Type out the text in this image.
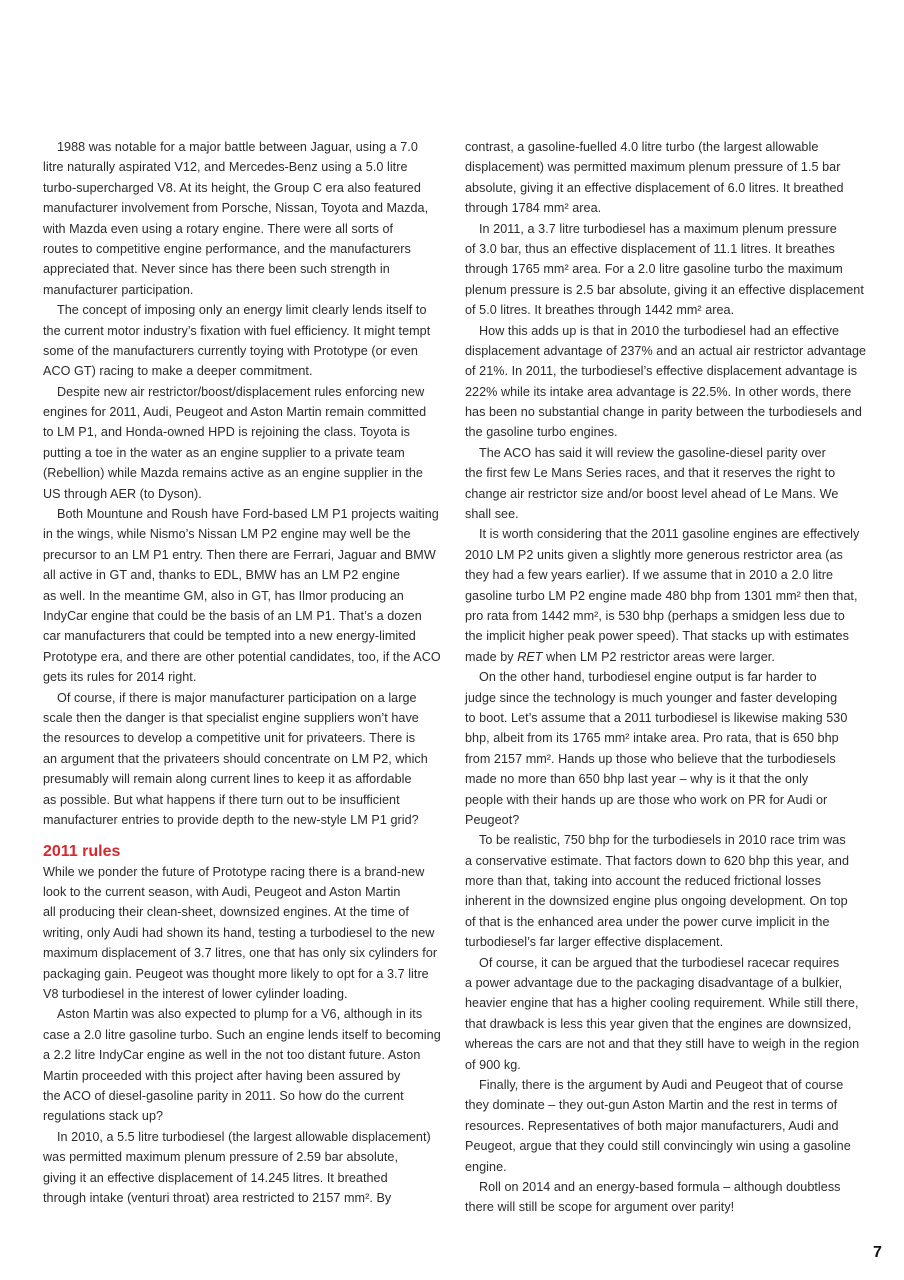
1988 was notable for a major battle between Jaguar, using a 7.0
litre naturally aspirated V12, and Mercedes-Benz using a 5.0 litre
turbo-supercharged V8. At its height, the Group C era also featured
manufacturer involvement from Porsche, Nissan, Toyota and Mazda,
with Mazda even using a rotary engine. There were all sorts of
routes to competitive engine performance, and the manufacturers
appreciated that. Never since has there been such strength in
manufacturer participation.
The concept of imposing only an energy limit clearly lends itself to
the current motor industry’s fixation with fuel efficiency. It might tempt
some of the manufacturers currently toying with Prototype (or even
ACO GT) racing to make a deeper commitment.
Despite new air restrictor/boost/displacement rules enforcing new
engines for 2011, Audi, Peugeot and Aston Martin remain committed
to LM P1, and Honda-owned HPD is rejoining the class. Toyota is
putting a toe in the water as an engine supplier to a private team
(Rebellion) while Mazda remains active as an engine supplier in the
US through AER (to Dyson).
Both Mountune and Roush have Ford-based LM P1 projects waiting
in the wings, while Nismo’s Nissan LM P2 engine may well be the
precursor to an LM P1 entry. Then there are Ferrari, Jaguar and BMW
all active in GT and, thanks to EDL, BMW has an LM P2 engine
as well. In the meantime GM, also in GT, has Ilmor producing an
IndyCar engine that could be the basis of an LM P1. That’s a dozen
car manufacturers that could be tempted into a new energy-limited
Prototype era, and there are other potential candidates, too, if the ACO
gets its rules for 2014 right.
Of course, if there is major manufacturer participation on a large
scale then the danger is that specialist engine suppliers won’t have
the resources to develop a competitive unit for privateers. There is
an argument that the privateers should concentrate on LM P2, which
presumably will remain along current lines to keep it as affordable
as possible. But what happens if there turn out to be insufficient
manufacturer entries to provide depth to the new-style LM P1 grid?
2011 rules
While we ponder the future of Prototype racing there is a brand-new
look to the current season, with Audi, Peugeot and Aston Martin
all producing their clean-sheet, downsized engines. At the time of
writing, only Audi had shown its hand, testing a turbodiesel to the new
maximum displacement of 3.7 litres, one that has only six cylinders for
packaging gain. Peugeot was thought more likely to opt for a 3.7 litre
V8 turbodiesel in the interest of lower cylinder loading.
Aston Martin was also expected to plump for a V6, although in its
case a 2.0 litre gasoline turbo. Such an engine lends itself to becoming
a 2.2 litre IndyCar engine as well in the not too distant future. Aston
Martin proceeded with this project after having been assured by
the ACO of diesel-gasoline parity in 2011. So how do the current
regulations stack up?
In 2010, a 5.5 litre turbodiesel (the largest allowable displacement)
was permitted maximum plenum pressure of 2.59 bar absolute,
giving it an effective displacement of 14.245 litres. It breathed
through intake (venturi throat) area restricted to 2157 mm². By
contrast, a gasoline-fuelled 4.0 litre turbo (the largest allowable
displacement) was permitted maximum plenum pressure of 1.5 bar
absolute, giving it an effective displacement of 6.0 litres. It breathed
through 1784 mm² area.
In 2011, a 3.7 litre turbodiesel has a maximum plenum pressure
of 3.0 bar, thus an effective displacement of 11.1 litres. It breathes
through 1765 mm² area. For a 2.0 litre gasoline turbo the maximum
plenum pressure is 2.5 bar absolute, giving it an effective displacement
of 5.0 litres. It breathes through 1442 mm² area.
How this adds up is that in 2010 the turbodiesel had an effective
displacement advantage of 237% and an actual air restrictor advantage
of 21%. In 2011, the turbodiesel’s effective displacement advantage is
222% while its intake area advantage is 22.5%. In other words, there
has been no substantial change in parity between the turbodiesels and
the gasoline turbo engines.
The ACO has said it will review the gasoline-diesel parity over
the first few Le Mans Series races, and that it reserves the right to
change air restrictor size and/or boost level ahead of Le Mans. We
shall see.
It is worth considering that the 2011 gasoline engines are effectively
2010 LM P2 units given a slightly more generous restrictor area (as
they had a few years earlier). If we assume that in 2010 a 2.0 litre
gasoline turbo LM P2 engine made 480 bhp from 1301 mm² then that,
pro rata from 1442 mm², is 530 bhp (perhaps a smidgen less due to
the implicit higher peak power speed). That stacks up with estimates
made by RET when LM P2 restrictor areas were larger.
On the other hand, turbodiesel engine output is far harder to
judge since the technology is much younger and faster developing
to boot. Let’s assume that a 2011 turbodiesel is likewise making 530
bhp, albeit from its 1765 mm² intake area. Pro rata, that is 650 bhp
from 2157 mm². Hands up those who believe that the turbodiesels
made no more than 650 bhp last year – why is it that the only
people with their hands up are those who work on PR for Audi or
Peugeot?
To be realistic, 750 bhp for the turbodiesels in 2010 race trim was
a conservative estimate. That factors down to 620 bhp this year, and
more than that, taking into account the reduced frictional losses
inherent in the downsized engine plus ongoing development. On top
of that is the enhanced area under the power curve implicit in the
turbodiesel’s far larger effective displacement.
Of course, it can be argued that the turbodiesel racecar requires
a power advantage due to the packaging disadvantage of a bulkier,
heavier engine that has a higher cooling requirement. While still there,
that drawback is less this year given that the engines are downsized,
whereas the cars are not and that they still have to weigh in the region
of 900 kg.
Finally, there is the argument by Audi and Peugeot that of course
they dominate – they out-gun Aston Martin and the rest in terms of
resources. Representatives of both major manufacturers, Audi and
Peugeot, argue that they could still convincingly win using a gasoline
engine.
Roll on 2014 and an energy-based formula – although doubtless
there will still be scope for argument over parity!
7
